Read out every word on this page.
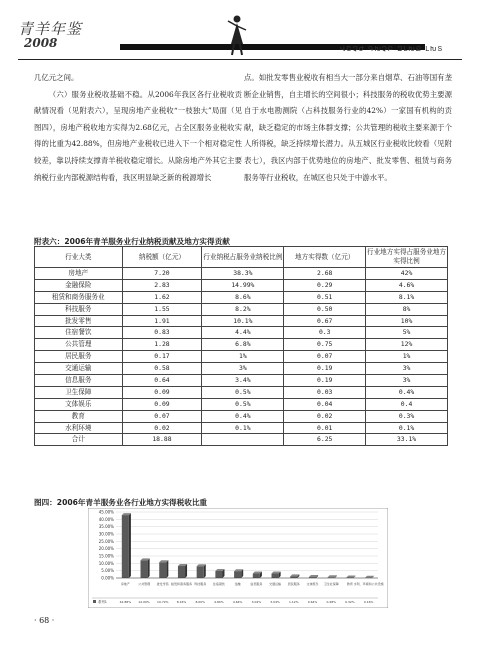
青羊年鉴
2008	ՎՇՉԺ ԳԽՉԲ ԶԼԽՔ ԼԽՏ

几亿元之间。

（六）服务业税收基础不稳。从2006年我区各行业税收贡献情况看（见附表六），呈现房地产业税收“一枝独大”局面（见图四），房地产税收地方实得为2.68亿元，占全区服务业税收实得的比重为42.88%，但房地产业税收已进入下一个相对稳定性较差，靠以持续支撑青羊税收稳定增长。从除房地产外其它主要纳税行业内部税源结构看，我区明显缺乏新的税源增长

点。如批发零售业税收有相当大一部分来自烟草、石油等国有垄断企业销售，自主增长的空间很小；科技服务的税收优势主要源自于水电勘测院（占科技服务行业的42%）一家国有机构的贡献，缺乏稳定的市场主体群支撑；公共管理的税收主要来源于个人所得税，缺乏持续增长潜力。从五城区行业税收比较看（见附表七），我区内部于优势地位的房地产、批发零售、租赁与商务服务等行业税收，在城区也只处于中游水平。

附表六：2006年青羊服务业行业纳税贡献及地方实得贡献
行业大类	纳税额（亿元）	行业纳税占服务业纳税比例	地方实得数（亿元）	行业地方实得占服务业地方实得比例
房地产	7.20	38.3%	2.68	42%
金融保险	2.83	14.99%	0.29	4.6%
租赁和商务服务业	1.62	8.6%	0.51	8.1%
科技服务	1.55	8.2%	0.50	8%
批发零售	1.91	10.1%	0.67	10%
住宿餐饮	0.83	4.4%	0.3	5%
公共管理	1.28	6.8%	0.75	12%
居民服务	0.17	1%	0.07	1%
交通运输	0.58	3%	0.19	3%
信息服务	0.64	3.4%	0.19	3%
卫生保障	0.09	0.5%	0.03	0.4%
文体娱乐	0.09	0.5%	0.04	0.4
教育	0.07	0.4%	0.02	0.3%
水利环境	0.02	0.1%	0.01	0.1%
合计	18.88		6.25	33.1%
图四：2006年青羊服务业各行业地方实得税收比重
0.00%
5.00%
10.00%
15.00%
20.00%
25.00%
30.00%
35.00%
40.00%
45.00%
房地产
42.88%
公共管理
12.00%
批发零售
10.72%
租赁和商务服务
8.16%
科技服务
8.00%
住宿餐饮
4.80%
金融
4.64%
信息服务
3.04%
交通运输
3.04%
居民服务
1.12%
文体娱乐
0.64%
卫生社保障
0.48%
教育
0.32%
水利、环境和公共设施
0.16%
系列1
· 68 ·
